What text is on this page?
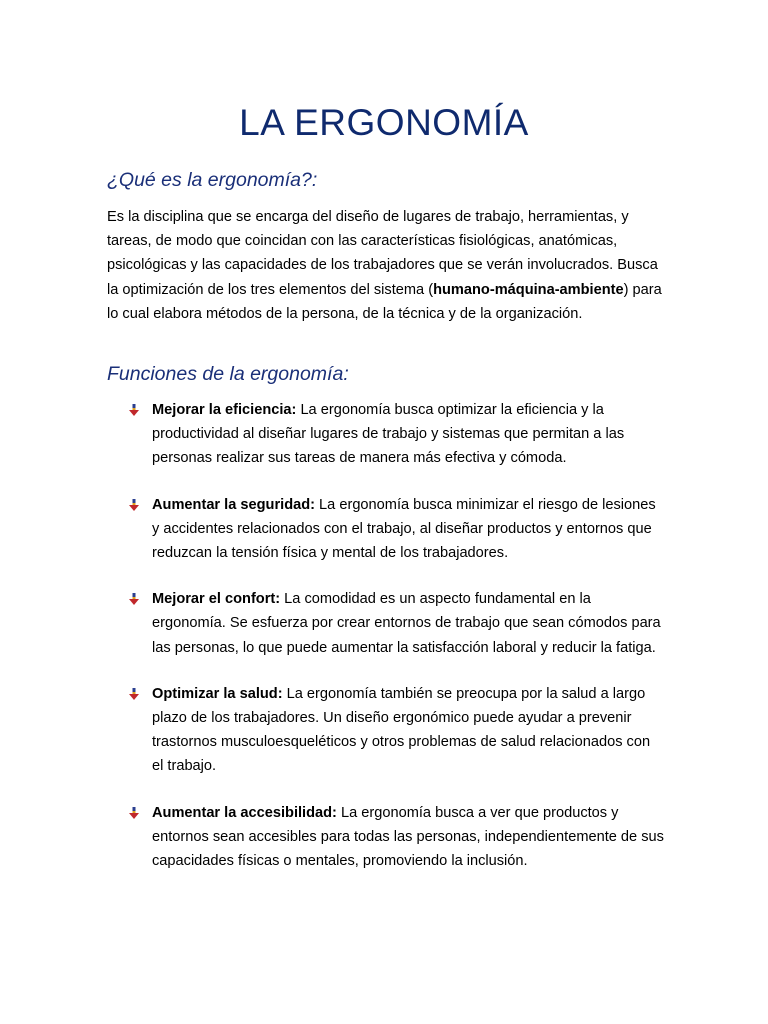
LA ERGONOMÍA
¿Qué es la ergonomía?:

Es la disciplina que se encarga del diseño de lugares de trabajo, herramientas, y tareas, de modo que coincidan con las características fisiológicas, anatómicas, psicológicas y las capacidades de los trabajadores que se verán involucrados. Busca la optimización de los tres elementos del sistema (humano-máquina-ambiente) para lo cual elabora métodos de la persona, de la técnica y de la organización.

Funciones de la ergonomía:
Mejorar la eficiencia: La ergonomía busca optimizar la eficiencia y la productividad al diseñar lugares de trabajo y sistemas que permitan a las personas realizar sus tareas de manera más efectiva y cómoda.
Aumentar la seguridad: La ergonomía busca minimizar el riesgo de lesiones y accidentes relacionados con el trabajo, al diseñar productos y entornos que reduzcan la tensión física y mental de los trabajadores.
Mejorar el confort: La comodidad es un aspecto fundamental en la ergonomía. Se esfuerza por crear entornos de trabajo que sean cómodos para las personas, lo que puede aumentar la satisfacción laboral y reducir la fatiga.
Optimizar la salud: La ergonomía también se preocupa por la salud a largo plazo de los trabajadores. Un diseño ergonómico puede ayudar a prevenir trastornos musculoesqueléticos y otros problemas de salud relacionados con el trabajo.
Aumentar la accesibilidad: La ergonomía busca a ver que productos y entornos sean accesibles para todas las personas, independientemente de sus capacidades físicas o mentales, promoviendo la inclusión.
